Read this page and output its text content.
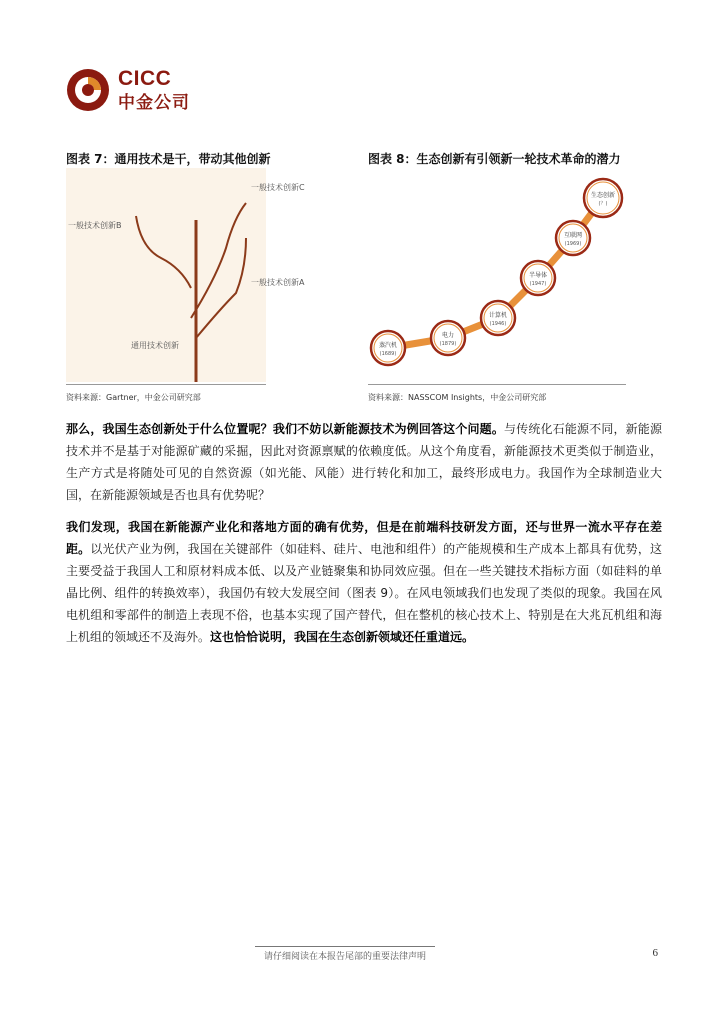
CICC
中金公司
图表 7：通用技术是干，带动其他创新	图表 8：生态创新有引领新一轮技术革命的潜力
一般技术创新C
一般技术创新B
一般技术创新A
通用技术创新	蒸汽机
(1689)
电力
(1879)
计算机
(1946)
半导体
(1947)
互联网
(1969)
生态创新
(？)
资料来源：Gartner，中金公司研究部	资料来源：NASSCOM Insights，中金公司研究部
那么，我国生态创新处于什么位置呢？我们不妨以新能源技术为例回答这个问题。与传统化石能源不同，新能源技术并不是基于对能源矿藏的采掘，因此对资源禀赋的依赖度低。从这个角度看，新能源技术更类似于制造业，生产方式是将随处可见的自然资源（如光能、风能）进行转化和加工，最终形成电力。我国作为全球制造业大国，在新能源领域是否也具有优势呢？
我们发现，我国在新能源产业化和落地方面的确有优势，但是在前端科技研发方面，还与世界一流水平存在差距。以光伏产业为例，我国在关键部件（如硅料、硅片、电池和组件）的产能规模和生产成本上都具有优势，这主要受益于我国人工和原材料成本低、以及产业链聚集和协同效应强。但在一些关键技术指标方面（如硅料的单晶比例、组件的转换效率），我国仍有较大发展空间（图表 9）。在风电领域我们也发现了类似的现象。我国在风电机组和零部件的制造上表现不俗，也基本实现了国产替代，但在整机的核心技术上、特别是在大兆瓦机组和海上机组的领域还不及海外。这也恰恰说明，我国在生态创新领域还任重道远。
请仔细阅读在本报告尾部的重要法律声明	6
